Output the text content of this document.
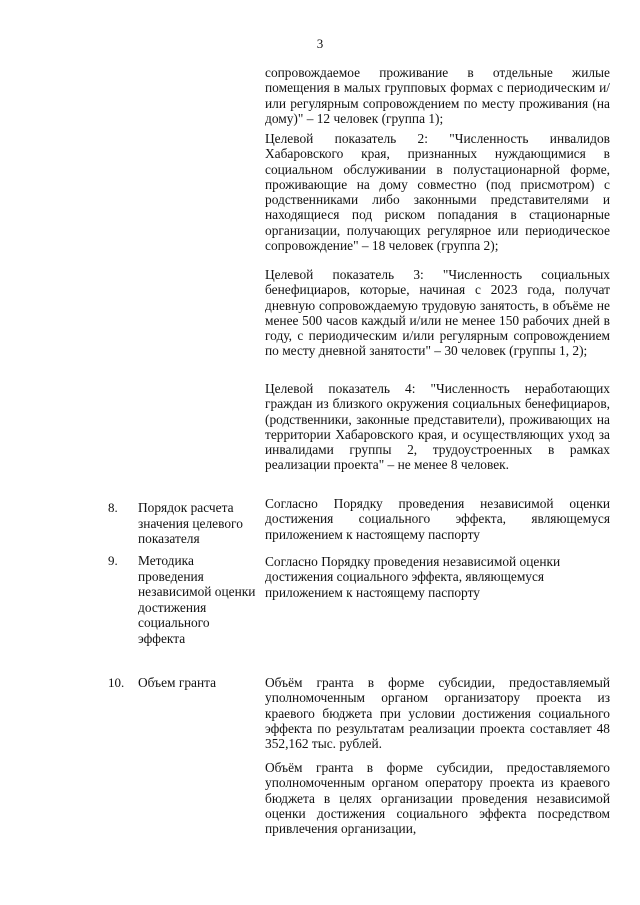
3
сопровождаемое проживание в отдельные жилые помещения в малых групповых формах с периодическим и/или регулярным сопровождением по месту проживания (на дому)" – 12 человек (группа 1);
Целевой показатель 2: "Численность инвалидов Хабаровского края, признанных нуждающимися в социальном обслуживании в полустационарной форме, проживающие на дому совместно (под присмотром) с родственниками либо законными представителями и находящиеся под риском попадания в стационарные организации, получающих регулярное или периодическое сопровождение" – 18 человек (группа 2);
Целевой показатель 3: "Численность социальных бенефициаров, которые, начиная с 2023 года, получат дневную сопровождаемую трудовую занятость, в объёме не менее 500 часов каждый и/или не менее 150 рабочих дней в году, с периодическим и/или регулярным сопровождением по месту дневной занятости" – 30 человек (группы 1, 2);
Целевой показатель 4: "Численность неработающих граждан из близкого окружения социальных бенефициаров, (родственники, законные представители), проживающих на территории Хабаровского края, и осуществляющих уход за инвалидами группы 2, трудоустроенных в рамках реализации проекта" – не менее 8 человек.
8. Порядок расчета значения целевого показателя
Согласно Порядку проведения независимой оценки достижения социального эффекта, являющемуся приложением к настоящему паспорту
9. Методика проведения независимой оценки достижения социального эффекта
Согласно Порядку проведения независимой оценки достижения социального эффекта, являющемуся приложением к настоящему паспорту
10. Объем гранта	Объём гранта в форме субсидии, предоставляемый уполномоченным органом организатору проекта из краевого бюджета при условии достижения социального эффекта по результатам реализации проекта составляет 48 352,162 тыс. рублей.
Объём гранта в форме субсидии, предоставляемого уполномоченным органом оператору проекта из краевого бюджета в целях организации проведения независимой оценки достижения социального эффекта посредством привлечения организации,
